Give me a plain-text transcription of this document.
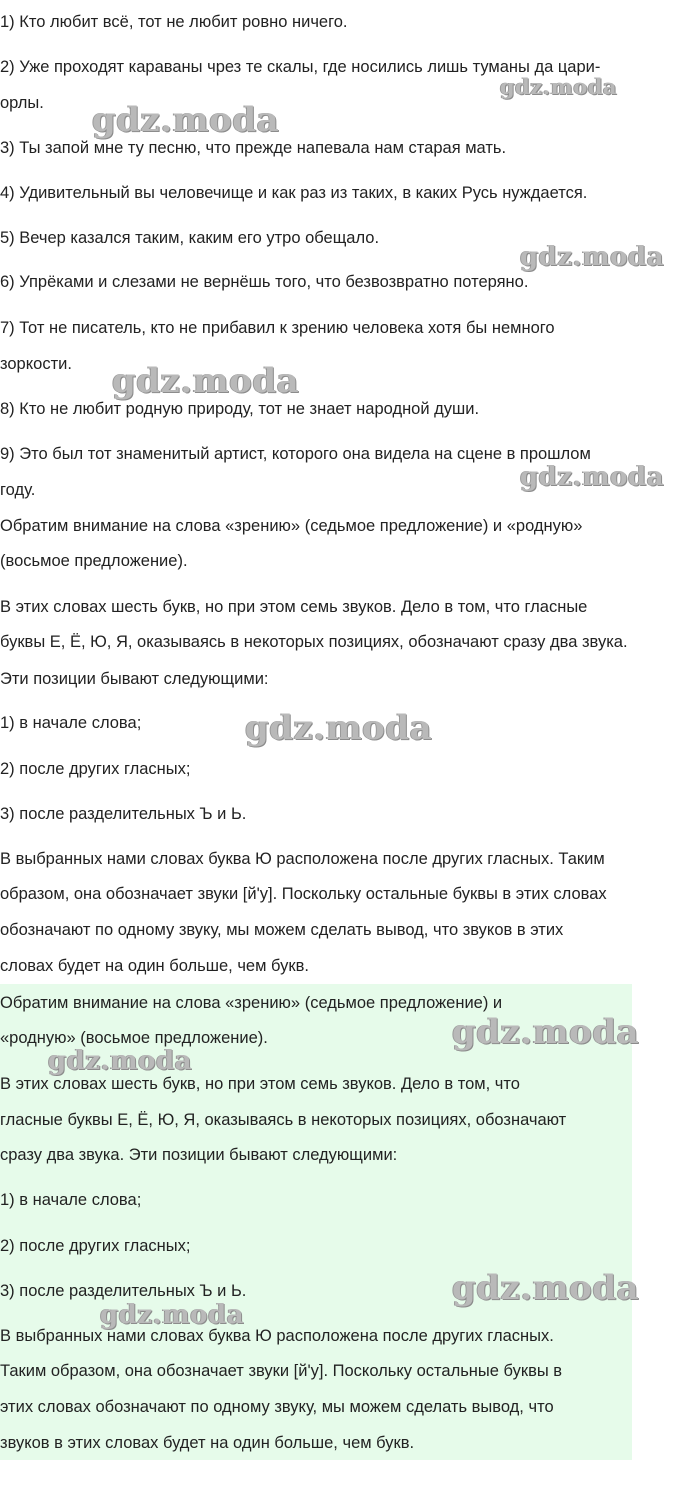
1) Кто любит всё, тот не любит ровно ничего.

2) Уже проходят караваны чрез те скалы, где носились лишь туманы да цари-

орлы.

3) Ты запой мне ту песню, что прежде напевала нам старая мать.

4) Удивительный вы человечище и как раз из таких, в каких Русь нуждается.

5) Вечер казался таким, каким его утро обещало.

6) Упрёками и слезами не вернёшь того, что безвозвратно потеряно.

7) Тот не писатель, кто не прибавил к зрению человека хотя бы немного

зоркости.

8) Кто не любит родную природу, тот не знает народной души.

9) Это был тот знаменитый артист, которого она видела на сцене в прошлом

году.

Обратим внимание на слова «зрению» (седьмое предложение) и «родную»

(восьмое предложение).

В этих словах шесть букв, но при этом семь звуков. Дело в том, что гласные

буквы Е, Ё, Ю, Я, оказываясь в некоторых позициях, обозначают сразу два звука.

Эти позиции бывают следующими:

1) в начале слова;

2) после других гласных;

3) после разделительных Ъ и Ь.

В выбранных нами словах буква Ю расположена после других гласных. Таким

образом, она обозначает звуки [й'у]. Поскольку остальные буквы в этих словах

обозначают по одному звуку, мы можем сделать вывод, что звуков в этих

словах будет на один больше, чем букв.

Обратим внимание на слова «зрению» (седьмое предложение) и

«родную» (восьмое предложение).

В этих словах шесть букв, но при этом семь звуков. Дело в том, что

гласные буквы Е, Ё, Ю, Я, оказываясь в некоторых позициях, обозначают

сразу два звука. Эти позиции бывают следующими:

1) в начале слова;

2) после других гласных;

3) после разделительных Ъ и Ь.

В выбранных нами словах буква Ю расположена после других гласных.

Таким образом, она обозначает звуки [й'у]. Поскольку остальные буквы в

этих словах обозначают по одному звуку, мы можем сделать вывод, что

звуков в этих словах будет на один больше, чем букв.

gdz.moda
gdz.moda
gdz.moda
gdz.moda
gdz.moda
gdz.moda
gdz.moda
gdz.moda
gdz.moda
gdz.moda
